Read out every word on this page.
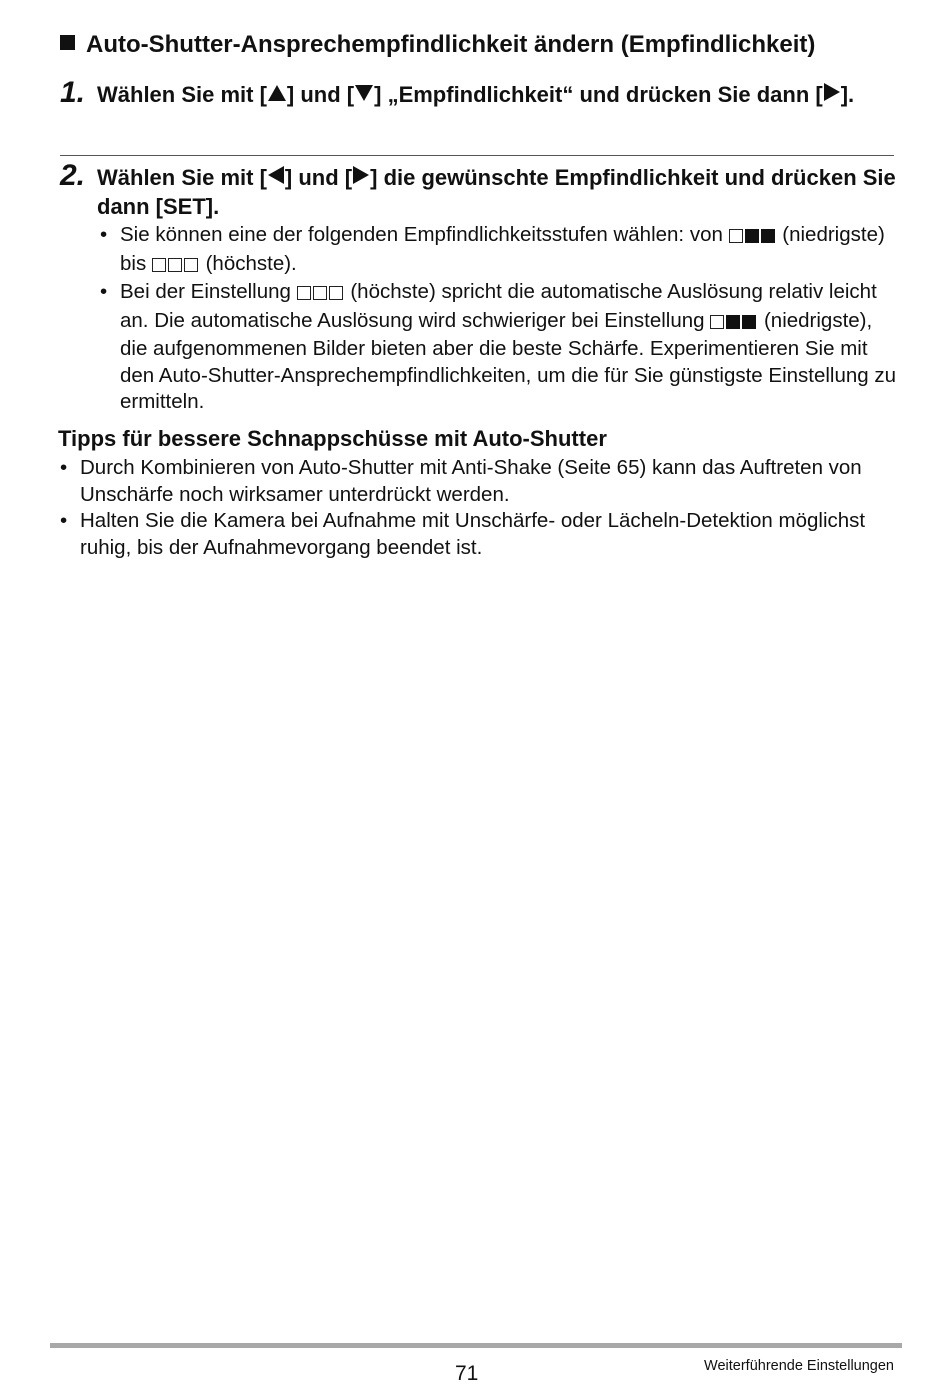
Auto-Shutter-Ansprechempfindlichkeit ändern (Empfindlichkeit)
1. Wählen Sie mit [ ] und [ ] „Empfindlichkeit“ und drücken Sie dann [ ].
2. Wählen Sie mit [ ] und [ ] die gewünschte Empfindlichkeit und drücken Sie dann [SET].
• Sie können eine der folgenden Empfindlichkeitsstufen wählen: von  (niedrigste) bis  (höchste).
• Bei der Einstellung  (höchste) spricht die automatische Auslösung relativ leicht an. Die automatische Auslösung wird schwieriger bei Einstellung  (niedrigste), die aufgenommenen Bilder bieten aber die beste Schärfe. Experimentieren Sie mit den Auto-Shutter-Ansprechempfindlichkeiten, um die für Sie günstigste Einstellung zu ermitteln.
Tipps für bessere Schnappschüsse mit Auto-Shutter
• Durch Kombinieren von Auto-Shutter mit Anti-Shake (Seite 65) kann das Auftreten von Unschärfe noch wirksamer unterdrückt werden.
• Halten Sie die Kamera bei Aufnahme mit Unschärfe- oder Lächeln-Detektion möglichst ruhig, bis der Aufnahmevorgang beendet ist.
71	Weiterführende Einstellungen
